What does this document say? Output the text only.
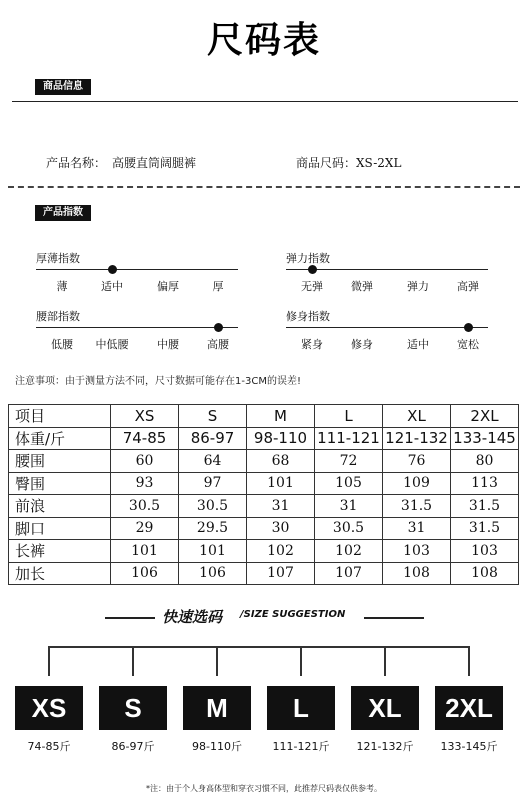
尺码表
商品信息
产品名称： 高腰直筒阔腿裤	商品尺码：XS-2XL
产品指数
厚薄指数
薄	适中	偏厚	厚
弹力指数
无弹	微弹	弹力	高弹
腰部指数
低腰 中低腰	中腰	高腰
修身指数
紧身	修身	适中	宽松
注意事项：由于测量方法不同，尺寸数据可能存在1-3CM的误差!
项目	XS	S	M	L	XL	2XL
体重/斤	74-85	86-97	98-110	111-121	121-132	133-145
腰围	60	64	68	72	76	80
臀围	93	97	101	105	109	113
前浪	30.5	30.5	31	31	31.5	31.5
脚口	29	29.5	30	30.5	31	31.5
长裤	101	101	102	102	103	103
加长	106	106	107	107	108	108
快速选码 /SIZE SUGGESTION
XS
74-85斤
S
86-97斤
M
98-110斤
L
111-121斤
XL
121-132斤
2XL
133-145斤
*注：由于个人身高体型和穿衣习惯不同，此推荐尺码表仅供参考。
